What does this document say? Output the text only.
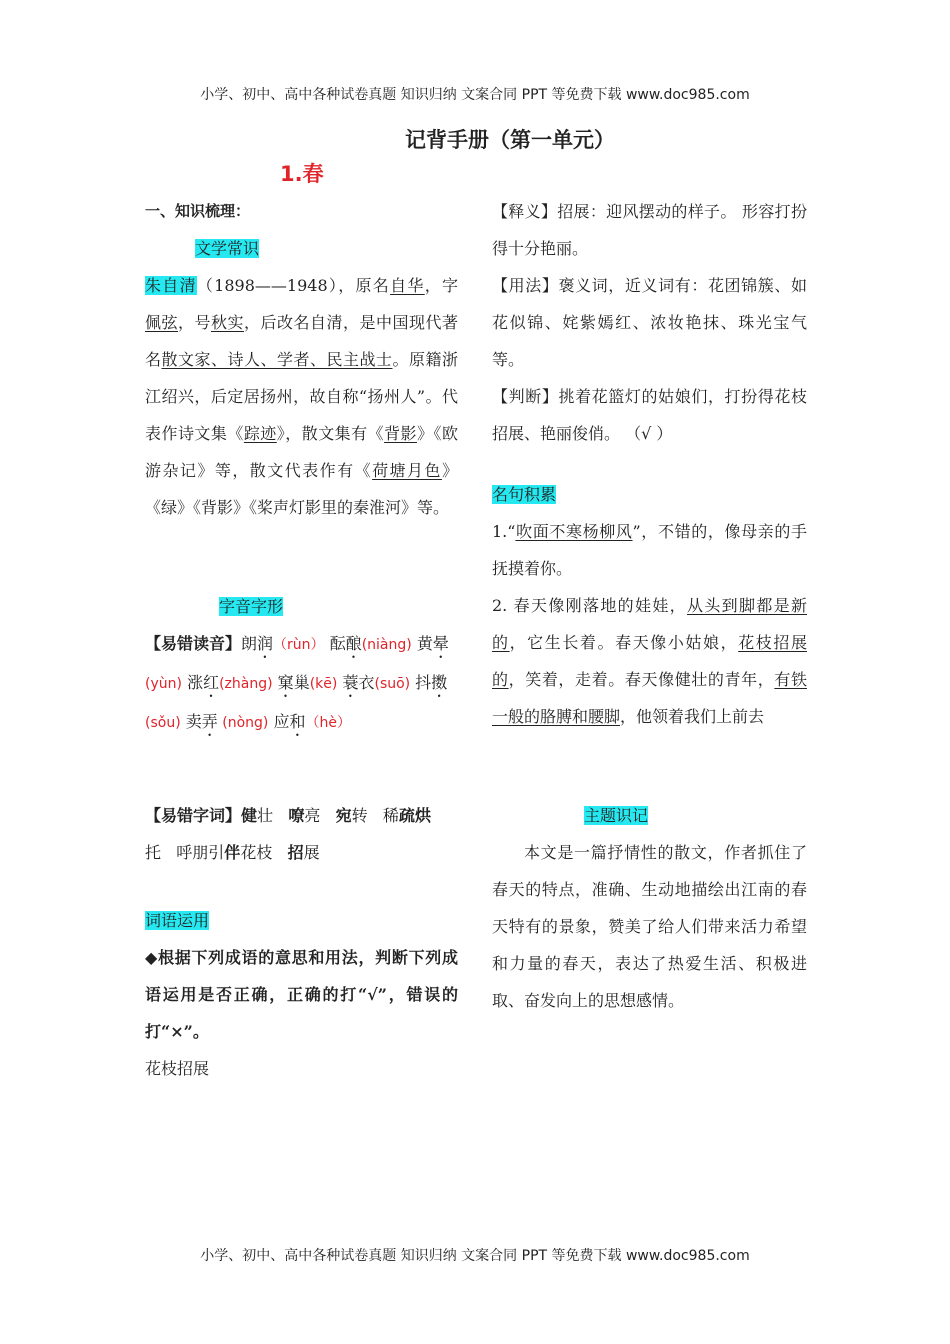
小学、初中、高中各种试卷真题 知识归纳 文案合同 PPT 等免费下载 www.doc985.com
记背手册（第一单元）
1.春

一、知识梳理：

文学常识

朱自清（1898——1948），原名自华，字佩弦，号秋实，后改名自清，是中国现代著名散文家、诗人、学者、民主战士。原籍浙江绍兴，后定居扬州，故自称“扬州人”。代表作诗文集《踪迹》，散文集有《背影》《欧游杂记》等，散文代表作有《荷塘月色》《绿》《背影》《桨声灯影里的秦淮河》等。

字音字形

【易错读音】朗润（rùn） 酝酿(niàng) 黄晕 (yùn) 涨红(zhàng) 窠巢(kē) 蓑衣(suō) 抖擞(sǒu) 卖弄 (nòng) 应和（hè）

【易错字词】健壮 嘹亮 宛转 稀疏烘托 呼朋引伴花枝 招展

词语运用

◆根据下列成语的意思和用法，判断下列成语运用是否正确，正确的打“√”，错误的打“×”。

花枝招展

【释义】招展：迎风摆动的样子。 形容打扮得十分艳丽。

【用法】褒义词，近义词有：花团锦簇、如花似锦、姹紫嫣红、浓妆艳抹、珠光宝气等。

【判断】挑着花篮灯的姑娘们，打扮得花枝招展、艳丽俊俏。 （√ ）

名句积累

1.“吹面不寒杨柳风”，不错的，像母亲的手抚摸着你。

2. 春天像刚落地的娃娃，从头到脚都是新的，它生长着。春天像小姑娘，花枝招展的，笑着，走着。春天像健壮的青年，有铁一般的胳膊和腰脚，他领着我们上前去

主题识记

本文是一篇抒情性的散文，作者抓住了春天的特点，准确、生动地描绘出江南的春天特有的景象，赞美了给人们带来活力希望和力量的春天，表达了热爱生活、积极进取、奋发向上的思想感情。

小学、初中、高中各种试卷真题 知识归纳 文案合同 PPT 等免费下载 www.doc985.com
